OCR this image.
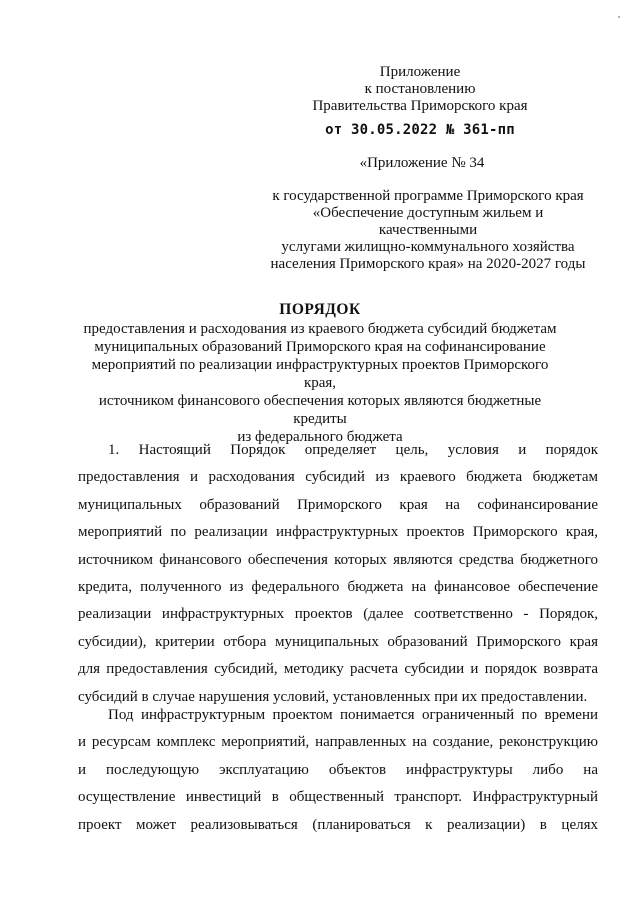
Приложение
к постановлению
Правительства Приморского края
от 30.05.2022 № 361-пп
«Приложение № 34
к государственной программе Приморского края
«Обеспечение доступным жильем и качественными
услугами жилищно-коммунального хозяйства
населения Приморского края» на 2020-2027 годы
ПОРЯДОК
предоставления и расходования из краевого бюджета субсидий бюджетам
муниципальных образований Приморского края на софинансирование
мероприятий по реализации инфраструктурных проектов Приморского края,
источником финансового обеспечения которых являются бюджетные кредиты
из федерального бюджета
1. Настоящий Порядок определяет цель, условия и порядок
предоставления и расходования субсидий из краевого бюджета бюджетам
муниципальных образований Приморского края на софинансирование
мероприятий по реализации инфраструктурных проектов Приморского края,
источником финансового обеспечения которых являются средства бюджетного
кредита, полученного из федерального бюджета на финансовое обеспечение
реализации инфраструктурных проектов (далее соответственно - Порядок,
субсидии), критерии отбора муниципальных образований Приморского края
для предоставления субсидий, методику расчета субсидии и порядок возврата
субсидий в случае нарушения условий, установленных при их предоставлении.
Под инфраструктурным проектом понимается ограниченный по времени
и ресурсам комплекс мероприятий, направленных на создание, реконструкцию
и последующую эксплуатацию объектов инфраструктуры либо на
осуществление инвестиций в общественный транспорт. Инфраструктурный
проект может реализовываться (планироваться к реализации) в целях
